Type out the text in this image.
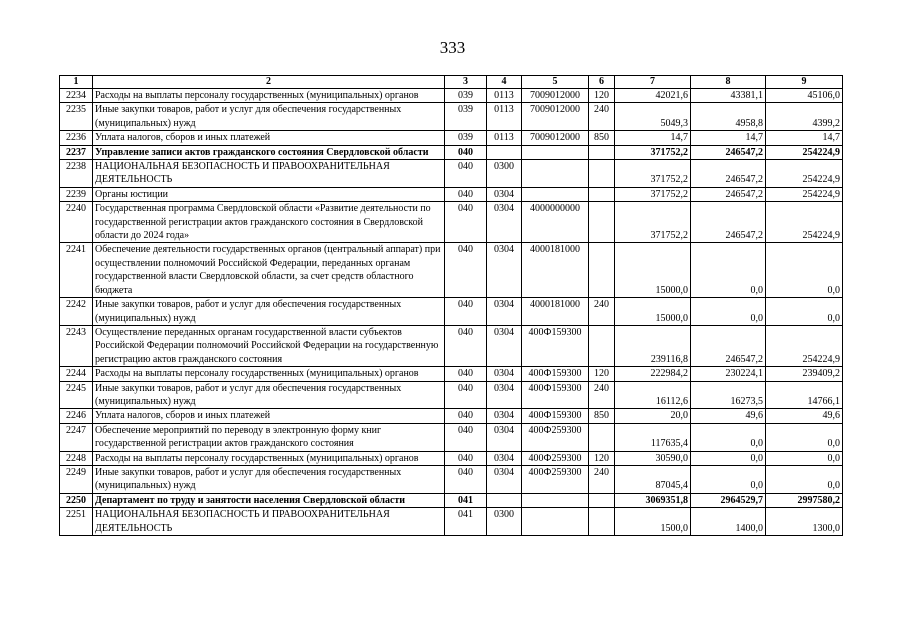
333
1	2	3	4	5	6	7	8	9
2234	Расходы на выплаты персоналу государственных (муниципальных) органов	039	0113	7009012000	120	42021,6	43381,1	45106,0
2235	Иные закупки товаров, работ и услуг для обеспечения государственных (муниципальных) нужд	039	0113	7009012000	240	5049,3	4958,8	4399,2
2236	Уплата налогов, сборов и иных платежей	039	0113	7009012000	850	14,7	14,7	14,7
2237	Управление записи актов гражданского состояния Свердловской области	040				371752,2	246547,2	254224,9
2238	НАЦИОНАЛЬНАЯ БЕЗОПАСНОСТЬ И ПРАВООХРАНИТЕЛЬНАЯ ДЕЯТЕЛЬНОСТЬ	040	0300			371752,2	246547,2	254224,9
2239	Органы юстиции	040	0304			371752,2	246547,2	254224,9
2240	Государственная программа Свердловской области «Развитие деятельности по государственной регистрации актов гражданского состояния в Свердловской области до 2024 года»	040	0304	4000000000		371752,2	246547,2	254224,9
2241	Обеспечение деятельности государственных органов (центральный аппарат) при осуществлении полномочий Российской Федерации, переданных органам государственной власти Свердловской области, за счет средств областного бюджета	040	0304	4000181000		15000,0	0,0	0,0
2242	Иные закупки товаров, работ и услуг для обеспечения государственных (муниципальных) нужд	040	0304	4000181000	240	15000,0	0,0	0,0
2243	Осуществление переданных органам государственной власти субъектов Российской Федерации полномочий Российской Федерации на государственную регистрацию актов гражданского состояния	040	0304	400Ф159300		239116,8	246547,2	254224,9
2244	Расходы на выплаты персоналу государственных (муниципальных) органов	040	0304	400Ф159300	120	222984,2	230224,1	239409,2
2245	Иные закупки товаров, работ и услуг для обеспечения государственных (муниципальных) нужд	040	0304	400Ф159300	240	16112,6	16273,5	14766,1
2246	Уплата налогов, сборов и иных платежей	040	0304	400Ф159300	850	20,0	49,6	49,6
2247	Обеспечение мероприятий по переводу в электронную форму книг государственной регистрации актов гражданского состояния	040	0304	400Ф259300		117635,4	0,0	0,0
2248	Расходы на выплаты персоналу государственных (муниципальных) органов	040	0304	400Ф259300	120	30590,0	0,0	0,0
2249	Иные закупки товаров, работ и услуг для обеспечения государственных (муниципальных) нужд	040	0304	400Ф259300	240	87045,4	0,0	0,0
2250	Департамент по труду и занятости населения Свердловской области	041				3069351,8	2964529,7	2997580,2
2251	НАЦИОНАЛЬНАЯ БЕЗОПАСНОСТЬ И ПРАВООХРАНИТЕЛЬНАЯ ДЕЯТЕЛЬНОСТЬ	041	0300			1500,0	1400,0	1300,0
